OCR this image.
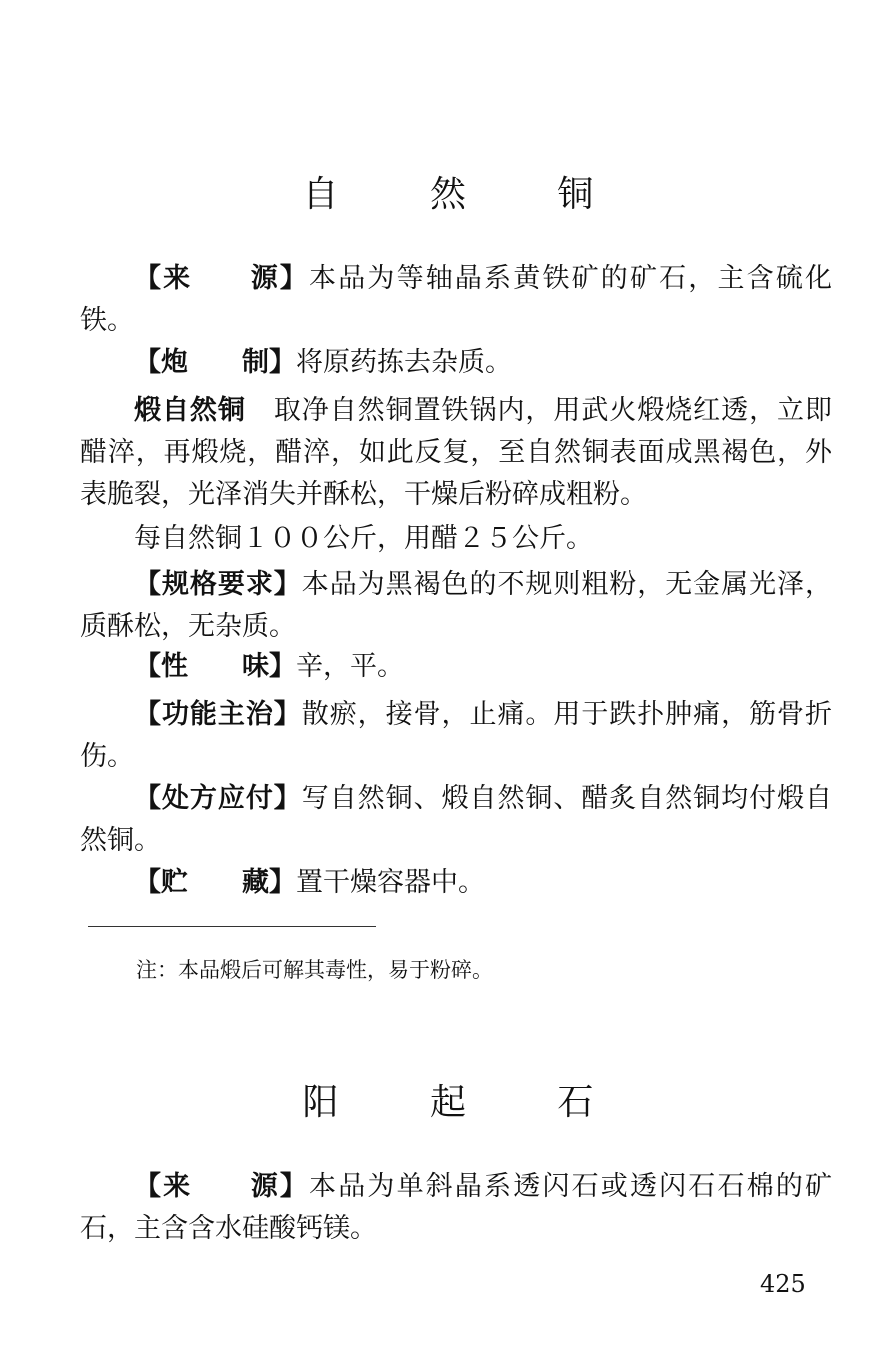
自 然 铜
【来　　源】本品为等轴晶系黄铁矿的矿石，主含硫化铁。
【炮　　制】将原药拣去杂质。
煅自然铜　 取净自然铜置铁锅内，用武火煅烧红透，立即醋淬，再煅烧，醋淬，如此反复，至自然铜表面成黑褐色，外表脆裂，光泽消失并酥松，干燥后粉碎成粗粉。
每自然铜１００公斤，用醋２５公斤。
【规格要求】本品为黑褐色的不规则粗粉，无金属光泽，质酥松，无杂质。
【性　　味】辛，平。
【功能主治】散瘀，接骨，止痛。用于跌扑肿痛，筋骨折伤。
【处方应付】写自然铜、煅自然铜、醋炙自然铜均付煅自然铜。
【贮　　藏】置干燥容器中。
注：本品煅后可解其毒性，易于粉碎。
阳 起 石
【来　　源】本品为单斜晶系透闪石或透闪石石棉的矿石，主含含水硅酸钙镁。
425
